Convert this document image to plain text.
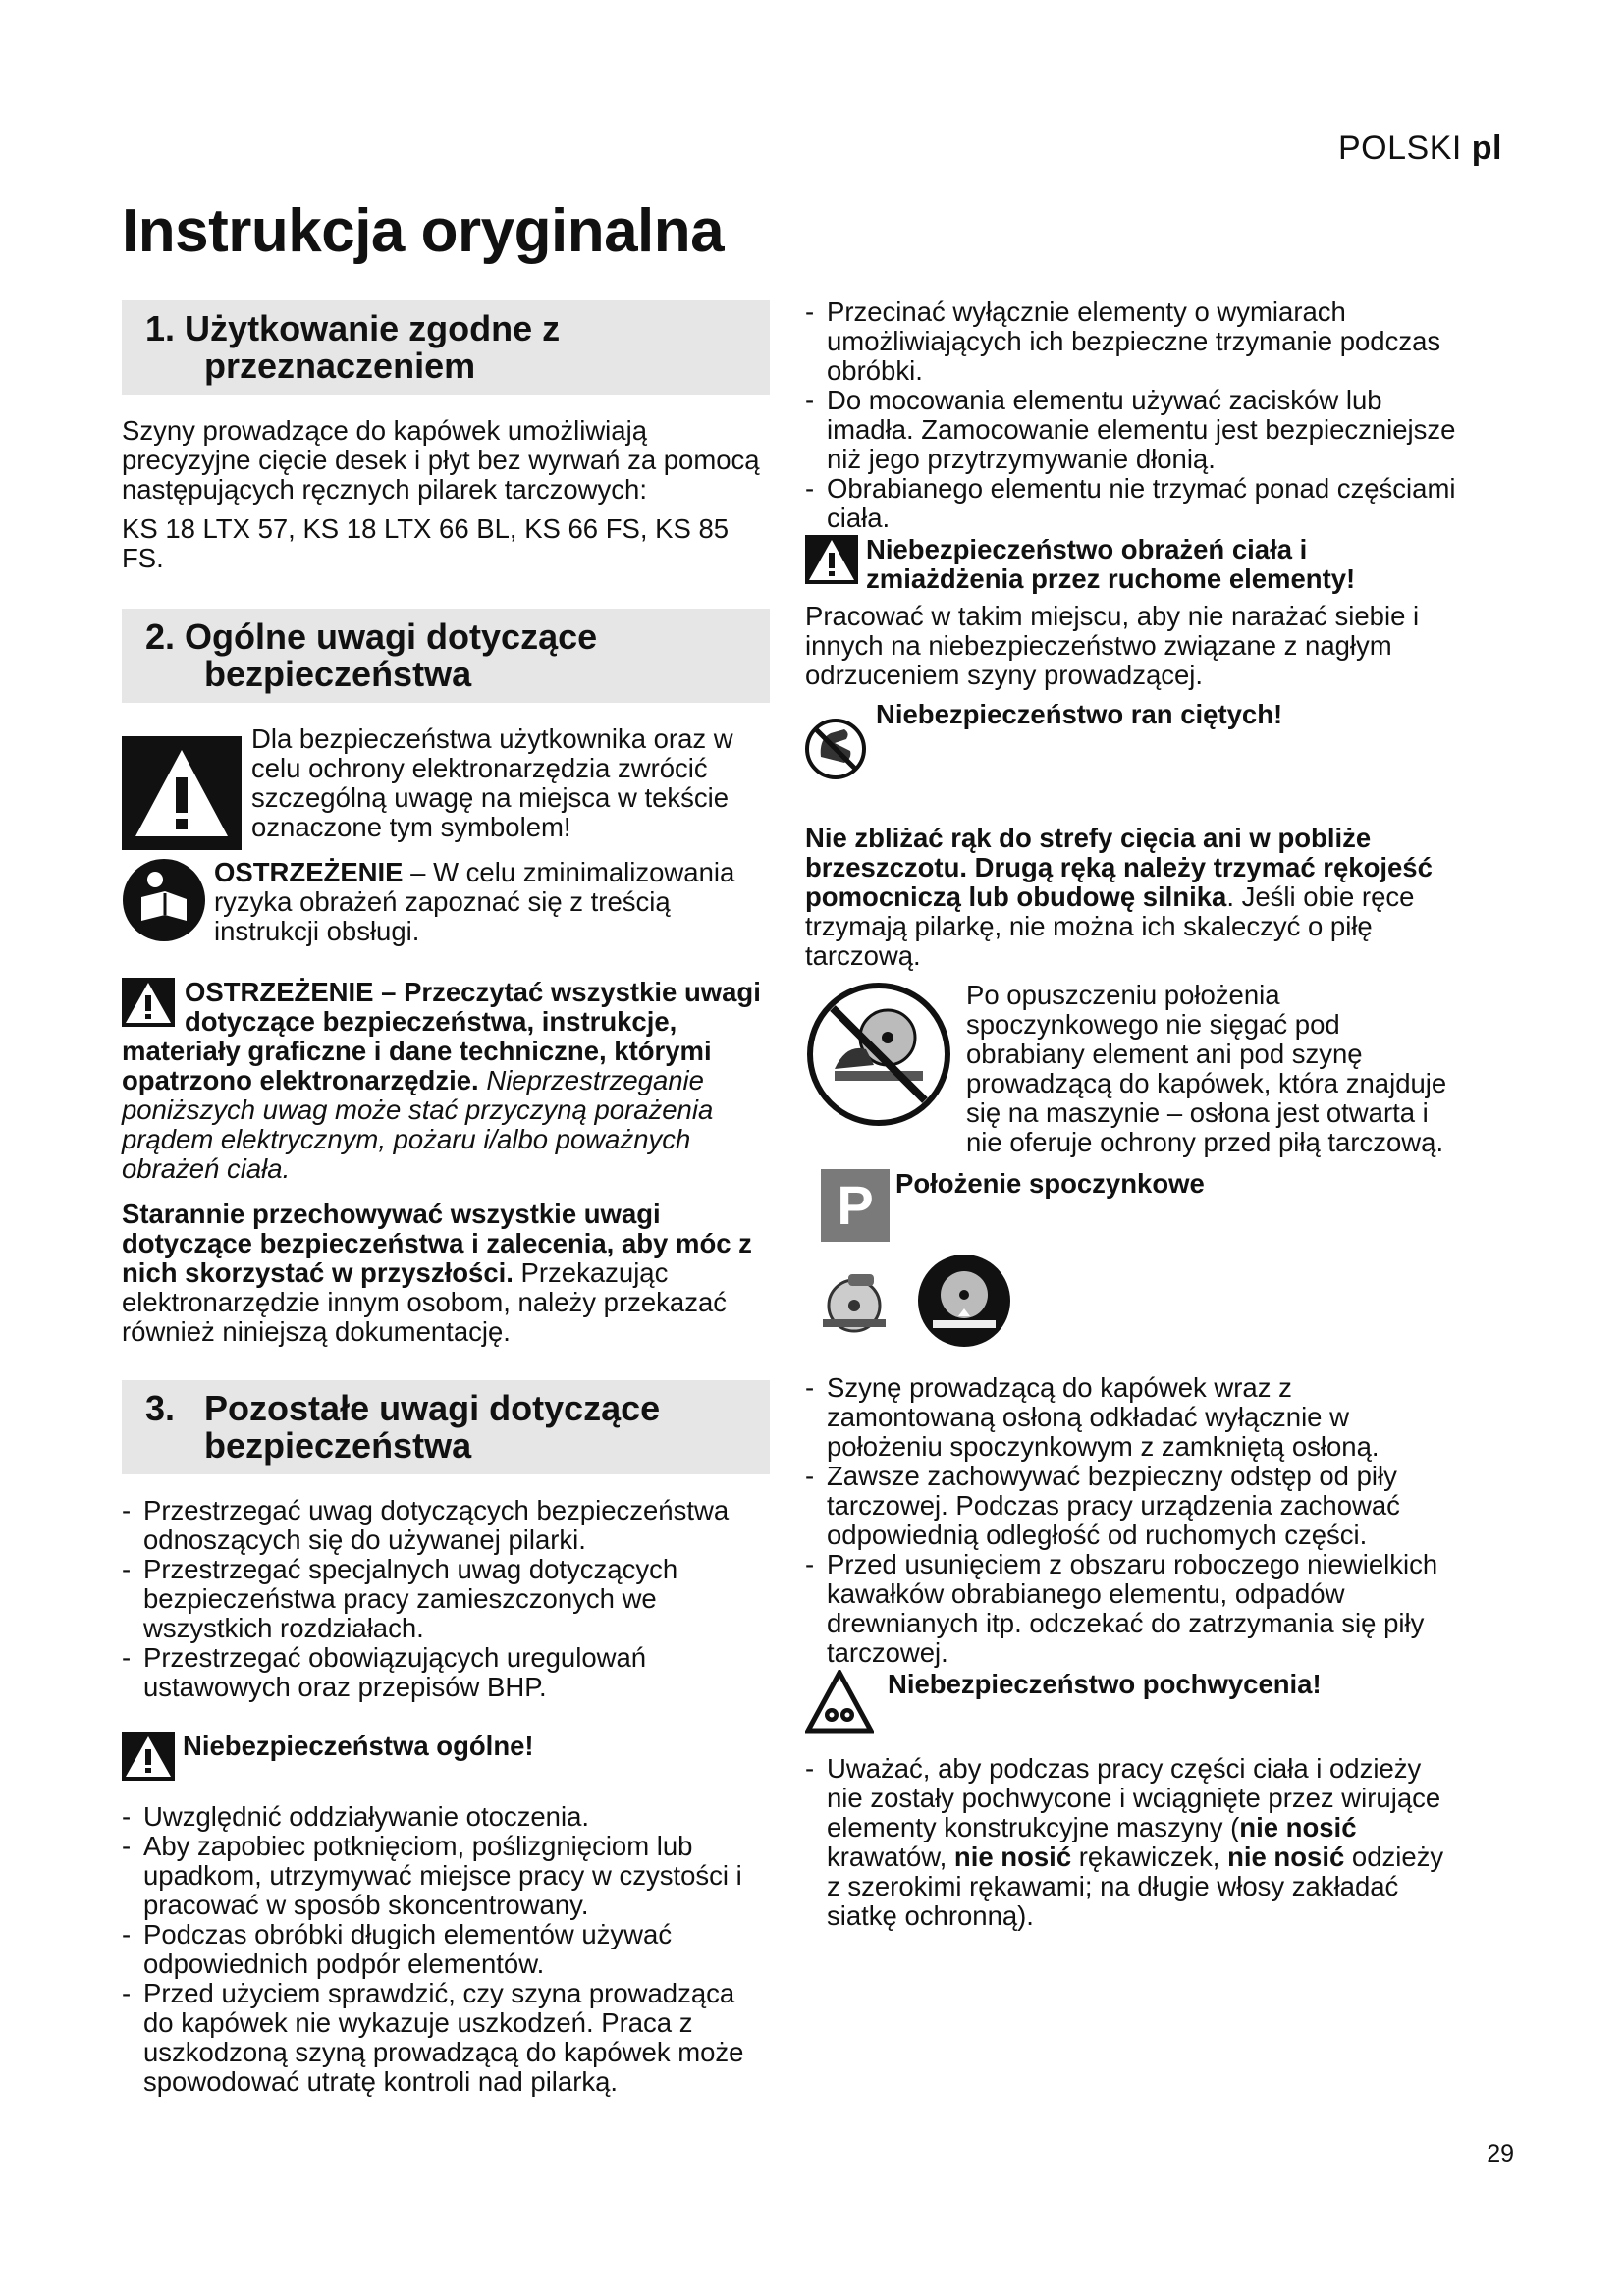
POLSKI pl
Instrukcja oryginalna
1. Użytkowanie zgodne z
przeznaczeniem

Szyny prowadzące do kapówek umożliwiają precyzyjne cięcie desek i płyt bez wyrwań za pomocą następujących ręcznych pilarek tarczowych:

KS 18 LTX 57, KS 18 LTX 66 BL, KS 66 FS, KS 85 FS.

2. Ogólne uwagi dotyczące
bezpieczeństwa
Dla bezpieczeństwa użytkownika oraz w celu ochrony elektronarzędzia zwrócić szczególną uwagę na miejsca w tekście oznaczone tym symbolem!
OSTRZEŻENIE – W celu zminimalizowania ryzyka obrażeń zapoznać się z treścią instrukcji obsługi.
OSTRZEŻENIE – Przeczytać wszystkie uwagi dotyczące bezpieczeństwa, instrukcje, materiały graficzne i dane techniczne, którymi opatrzono elektronarzędzie. Nieprzestrzeganie poniższych uwag może stać przyczyną porażenia prądem elektrycznym, pożaru i/albo poważnych obrażeń ciała.

Starannie przechowywać wszystkie uwagi dotyczące bezpieczeństwa i zalecenia, aby móc z nich skorzystać w przyszłości. Przekazując elektronarzędzie innym osobom, należy przekazać również niniejszą dokumentację.

3. Pozostałe uwagi dotyczące
bezpieczeństwa
- Przestrzegać uwag dotyczących bezpieczeństwa odnoszących się do używanej pilarki.
- Przestrzegać specjalnych uwag dotyczących bezpieczeństwa pracy zamieszczonych we wszystkich rozdziałach.
- Przestrzegać obowiązujących uregulowań ustawowych oraz przepisów BHP.
Niebezpieczeństwa ogólne!
- Uwzględnić oddziaływanie otoczenia.
- Aby zapobiec potknięciom, poślizgnięciom lub upadkom, utrzymywać miejsce pracy w czystości i pracować w sposób skoncentrowany.
- Podczas obróbki długich elementów używać odpowiednich podpór elementów.
- Przed użyciem sprawdzić, czy szyna prowadząca do kapówek nie wykazuje uszkodzeń. Praca z uszkodzoną szyną prowadzącą do kapówek może spowodować utratę kontroli nad pilarką.
- Przecinać wyłącznie elementy o wymiarach umożliwiających ich bezpieczne trzymanie podczas obróbki.
- Do mocowania elementu używać zacisków lub imadła. Zamocowanie elementu jest bezpieczniejsze niż jego przytrzymywanie dłonią.
- Obrabianego elementu nie trzymać ponad częściami ciała.
Niebezpieczeństwo obrażeń ciała i zmiażdżenia przez ruchome elementy!

Pracować w takim miejscu, aby nie narażać siebie i innych na niebezpieczeństwo związane z nagłym odrzuceniem szyny prowadzącej.

Niebezpieczeństwo ran ciętych!

Nie zbliżać rąk do strefy cięcia ani w pobliże brzeszczotu. Drugą ręką należy trzymać rękojeść pomocniczą lub obudowę silnika. Jeśli obie ręce trzymają pilarkę, nie można ich skaleczyć o piłę tarczową.

Po opuszczeniu położenia spoczynkowego nie sięgać pod obrabiany element ani pod szynę prowadzącą do kapówek, która znajduje się na maszynie – osłona jest otwarta i nie oferuje ochrony przed piłą tarczową.
P Położenie spoczynkowe
- Szynę prowadzącą do kapówek wraz z zamontowaną osłoną odkładać wyłącznie w położeniu spoczynkowym z zamkniętą osłoną.
- Zawsze zachowywać bezpieczny odstęp od piły tarczowej. Podczas pracy urządzenia zachować odpowiednią odległość od ruchomych części.
- Przed usunięciem z obszaru roboczego niewielkich kawałków obrabianego elementu, odpadów drewnianych itp. odczekać do zatrzymania się piły tarczowej.
Niebezpieczeństwo pochwycenia!
- Uważać, aby podczas pracy części ciała i odzieży nie zostały pochwycone i wciągnięte przez wirujące elementy konstrukcyjne maszyny (nie nosić krawatów, nie nosić rękawiczek, nie nosić odzieży z szerokimi rękawami; na długie włosy zakładać siatkę ochronną).
29
